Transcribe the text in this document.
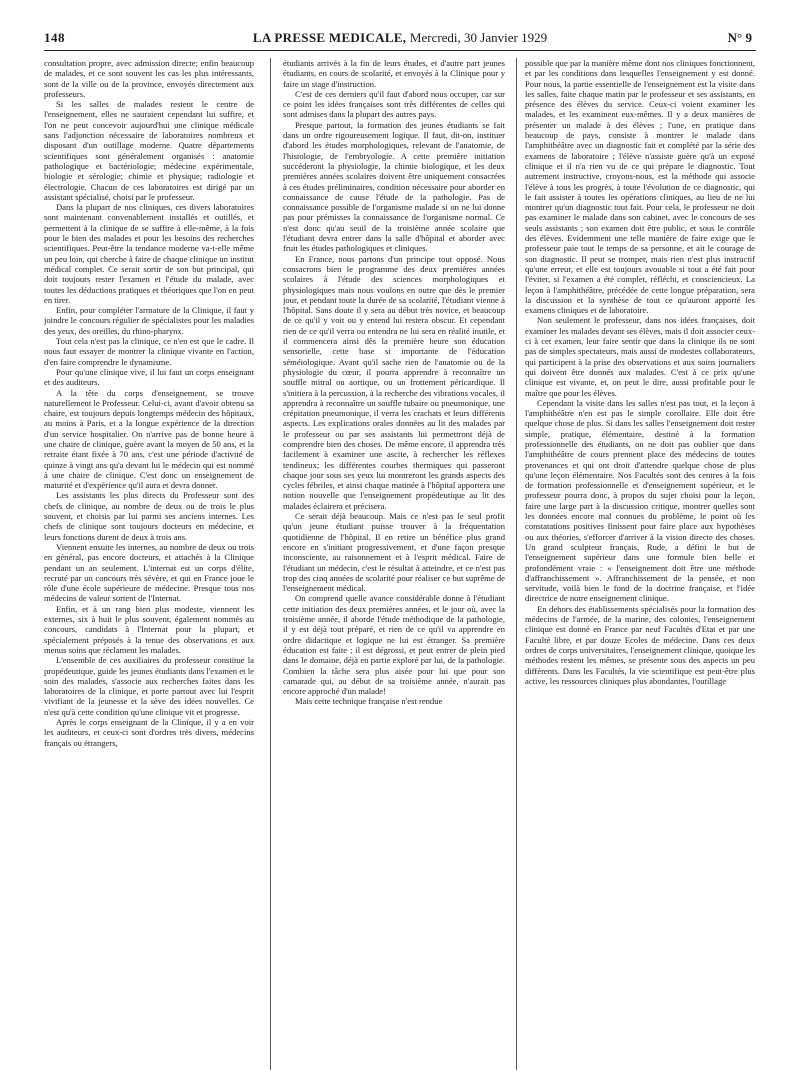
148	LA PRESSE MEDICALE, Mercredi, 30 Janvier 1929	N° 9

consultation propre, avec admission directe; enfin beaucoup de malades, et ce sont souvent les cas les plus intéressants, sont de la ville ou de la province, envoyés directement aux professeurs.

Si les salles de malades restent le centre de l'enseignement, elles ne sauraient cependant lui suffire, et l'on ne peut concevoir aujourd'hui une clinique médicale sans l'adjonction nécessaire de laboratoires nombreux et disposant d'un outillage moderne. Quatre départements scientifiques sont généralement organisés : anatomie pathologique et bactériologie; médecine expérimentale, biologie et sérologie; chimie et physique; radiologie et électrologie. Chacun de ces laboratoires est dirigé par un assistant spécialisé, choisi par le professeur.

Dans la plupart de nos cliniques, ces divers laboratoires sont maintenant convenablement installés et outillés, et permettent à la clinique de se suffire à elle-même, à la fois pour le bien des malades et pour les besoins des recherches scientifiques. Peut-être la tendance moderne va-t-elle même un peu loin, qui cherche à faire de chaque clinique un institut médical complet. Ce serait sortir de son but principal, qui doit toujours rester l'examen et l'étude du malade, avec toutes les déductions pratiques et théoriques que l'on en peut en tirer.

Enfin, pour compléter l'armature de la Clinique, il faut y joindre le concours régulier de spécialistes pour les maladies des yeux, des oreilles, du rhino-pharynx.

Tout cela n'est pas la clinique, ce n'en est que le cadre. Il nous faut essayer de montrer la clinique vivante en l'action, d'en faire comprendre le dynamisme.

Pour qu'une clinique vive, il lui faut un corps enseignant et des auditeurs.

A la tête du corps d'enseignement, se trouve naturellement le Professeur. Celui-ci, avant d'avoir obtenu sa chaire, est toujours depuis longtemps médecin des hôpitaux, au moins à Paris, et a la longue expérience de la direction d'un service hospitalier. On n'arrive pas de bonne heure à une chaire de clinique, guère avant la moyen de 50 ans, et la retraite étant fixée à 70 ans, c'est une période d'activité de quinze à vingt ans qu'a devant lui le médecin qui est nommé à une chaire de clinique. C'est donc un enseignement de maturité et d'expérience qu'il aura et devra donner.

Les assistants les plus directs du Professeur sont des chefs de clinique, au nombre de deux ou de trois le plus souvent, et choisis par lui parmi ses anciens internes. Les chefs de clinique sont toujours docteurs en médecine, et leurs fonctions durent de deux à trois ans.

Viennent ensuite les internes, au nombre de deux ou trois en général, pas encore docteurs, et attachés à la Clinique pendant un an seulement. L'internat est un corps d'élite, recruté par un concours très sévère, et qui en France joue le rôle d'une école supérieure de médecine. Presque tous nos médecins de valeur sortent de l'Internat.

Enfin, et à un rang bien plus modeste, viennent les externes, six à huit le plus souvent, également nommés au concours, candidats à l'Internat pour la plupart, et spécialement préposés à la tenue des observations et aux menus soins que réclament les malades.

L'ensemble de ces auxiliaires du professeur constitue la propédeutique, guide les jeunes étudiants dans l'examen et le soin des malades, s'associe aux recherches faites dans les laboratoires de la clinique, et porte partout avec lui l'esprit vivifiant de la jeunesse et la sève des idées nouvelles. Ce n'est qu'à cette condition qu'une clinique vit et progresse.

Après le corps enseignant de la Clinique, il y a en voir les auditeurs, et ceux-ci sont d'ordres très divers, médecins français ou étrangers,

étudiants arrivés à la fin de leurs études, et d'autre part jeunes étudiants, en cours de scolarité, et envoyés à la Clinique pour y faire un stage d'instruction.

C'est de ces derniers qu'il faut d'abord nous occuper, car sur ce point les idées françaises sont très différentes de celles qui sont admises dans la plupart des autres pays.

Presque partout, la formation des jeunes étudiants se fait dans un ordre rigoureusement logique. Il faut, dit-on, instituer d'abord les études morphologiques, relevant de l'anatomie, de l'histologie, de l'embryologie. A cette première initiation succéderont la physiologie, la chimie biologique, et les deux premières années scolaires doivent être uniquement consacrées à ces études préliminaires, condition nécessaire pour aborder en connaissance de cause l'étude de la pathologie. Pas de connaissance possible de l'organisme malade si on ne lui donne pas pour prémisses la connaissance de l'organisme normal. Ce n'est donc qu'au seuil de la troisième année scolaire que l'étudiant devra entrer dans la salle d'hôpital et aborder avec fruit les études pathologiques et cliniques.

En France, nous partons d'un principe tout opposé. Nous consacrons bien le programme des deux premières années scolaires à l'étude des sciences morphologiques et physiologiques mais nous voulons en outre que dès le premier jour, et pendant toute la durée de sa scolarité, l'étudiant vienne à l'hôpital. Sans doute il y sera au début très novice, et beaucoup de ce qu'il y voit ou y entend lui restera obscur. Et cependant rien de ce qu'il verra ou entendra ne lui sera en réalité inutile, et il commencera ainsi dès la première heure son éducation sensorielle, cette base si importante de l'éducation séméiologique. Avant qu'il sache rien de l'anatomie ou de la physiologie du cœur, il pourra apprendre à reconnaître un souffle mitral ou aortique, ou un frottement péricardique. Il s'initiera à la percussion, à la recherche des vibrations vocales, il apprendra à reconnaître un souffle tubaire ou pneumonique, une crépitation pneumonique, il verra les crachats et leurs différents aspects. Les explications orales données au lit des malades par le professeur ou par ses assistants lui permettront déjà de comprendre bien des choses. De même encore, il apprendra très facilement à examiner une ascite, à rechercher les réflexes tendineux; les différentes courbes thermiques qui passeront chaque jour sous ses yeux lui montreront les grands aspects des cycles fébriles, et ainsi chaque matinée à l'hôpital apportera une notion nouvelle que l'enseignement propédeutique au lit des malades éclairera et précisera.

Ce serait déjà beaucoup. Mais ce n'est pas le seul profit qu'un jeune étudiant puisse trouver à la fréquentation quotidienne de l'hôpital. Il en retire un bénéfice plus grand encore en s'initiant progressivement, et d'une façon presque inconsciente, au raisonnement et à l'esprit médical. Faire de l'étudiant un médecin, c'est le résultat à atteindre, et ce n'est pas trop des cinq années de scolarité pour réaliser ce but suprême de l'enseignement médical.

On comprend quelle avance considérable donne à l'étudiant cette initiation des deux premières années, et le jour où, avec la troisième année, il aborde l'étude méthodique de la pathologie, il y est déjà tout préparé, et rien de ce qu'il va apprendre en ordre didactique et logique ne lui est étranger. Sa première éducation est faite ; il est dégrossi, et peut entrer de plein pied dans le domaine, déjà en partie exploré par lui, de la pathologie. Combien la tâche sera plus aisée pour lui que pour son camarade qui, au début de sa troisième année, n'aurait pas encore approché d'un malade!

Mais cette technique française n'est rendue

possible que par la manière même dont nos cliniques fonctionnent, et par les conditions dans lesquelles l'enseignement y est donné. Pour nous, la partie essentielle de l'enseignement est la visite dans les salles, faite chaque matin par le professeur et ses assistants, en présence des élèves du service. Ceux-ci voient examiner les malades, et les examinent eux-mêmes. Il y a deux manières de présenter un malade à des élèves ; l'une, en pratique dans beaucoup de pays, consiste à montrer le malade dans l'amphithéâtre avec un diagnostic fait et complété par la série des examens de laboratoire ; l'élève n'assiste guère qu'à un exposé clinique et il n'a rien vu de ce qui prépare le diagnostic. Tout autrement instructive, croyons-nous, est la méthode qui associe l'élève à tous les progrès, à toute l'évolution de ce diagnostic, qui le fait assister à toutes les opérations cliniques, au lieu de ne lui montrer qu'un diagnostic tout fait. Pour cela, le professeur ne doit pas examiner le malade dans son cabinet, avec le concours de ses seuls assistants ; son examen doit être public, et sous le contrôle des élèves. Evidemment une telle manière de faire exige que le professeur paie tout le temps de sa personne, et ait le courage de son diagnostic. Il peut se tromper, mais rien n'est plus instructif qu'une erreur, et elle est toujours avouable si tout a été fait pour l'éviter, si l'examen a été complet, réfléchi, et consciencieux. La leçon à l'amphithéâtre, précédée de cette longue préparation, sera la discussion et la synthèse de tout ce qu'auront apporté les examens cliniques et de laboratoire.

Non seulement le professeur, dans nos idées françaises, doit examiner les malades devant ses élèves, mais il doit associer ceux-ci à cet examen, leur faire sentir que dans la clinique ils ne sont pas de simples spectateurs, mais aussi de modestes collaborateurs, qui participent à la prise des observations et aux soins journaliers qui doivent être donnés aux malades. C'est à ce prix qu'une clinique est vivante, et, on peut le dire, aussi profitable pour le maître que pour les élèves.

Cependant la visite dans les salles n'est pas tout, et la leçon à l'amphithéâtre n'en est pas le simple corollaire. Elle doit être quelque chose de plus. Si dans les salles l'enseignement doit rester simple, pratique, élémentaire, destiné à la formation professionnelle des étudiants, on ne doit pas oublier que dans l'amphithéâtre de cours prennent place des médecins de toutes provenances et qui ont droit d'attendre quelque chose de plus qu'une leçon élémentaire. Nos Facultés sont des centres à la fois de formation professionnelle et d'enseignement supérieur, et le professeur pourra donc, à propos du sujet choisi pour la leçon, faire une large part à la discussion critique, montrer quelles sont les données encore mal connues du problème, le point où les constatations positives finissent pour faire place aux hypothèses ou aux théories, s'efforcer d'arriver à la vision directe des choses. Un grand sculpteur français, Rude, a défini le but de l'enseignement supérieur dans une formule bien belle et profondément vraie : « l'enseignement doit être une méthode d'affranchissement ». Affranchissement de la pensée, et non servitude, voilà bien le fond de la doctrine française, et l'idée directrice de notre enseignement clinique.

En dehors des établissements spécialisés pour la formation des médecins de l'armée, de la marine, des colonies, l'enseignement clinique est donné en France par neuf Facultés d'Etat et par une Faculté libre, et par douze Ecoles de médecine. Dans ces deux ordres de corps universitaires, l'enseignement clinique, quoique les méthodes restent les mêmes, se présente sous des aspects un peu différents. Dans les Facultés, la vie scientifique est peut-être plus active, les ressources cliniques plus abondantes, l'outillage
